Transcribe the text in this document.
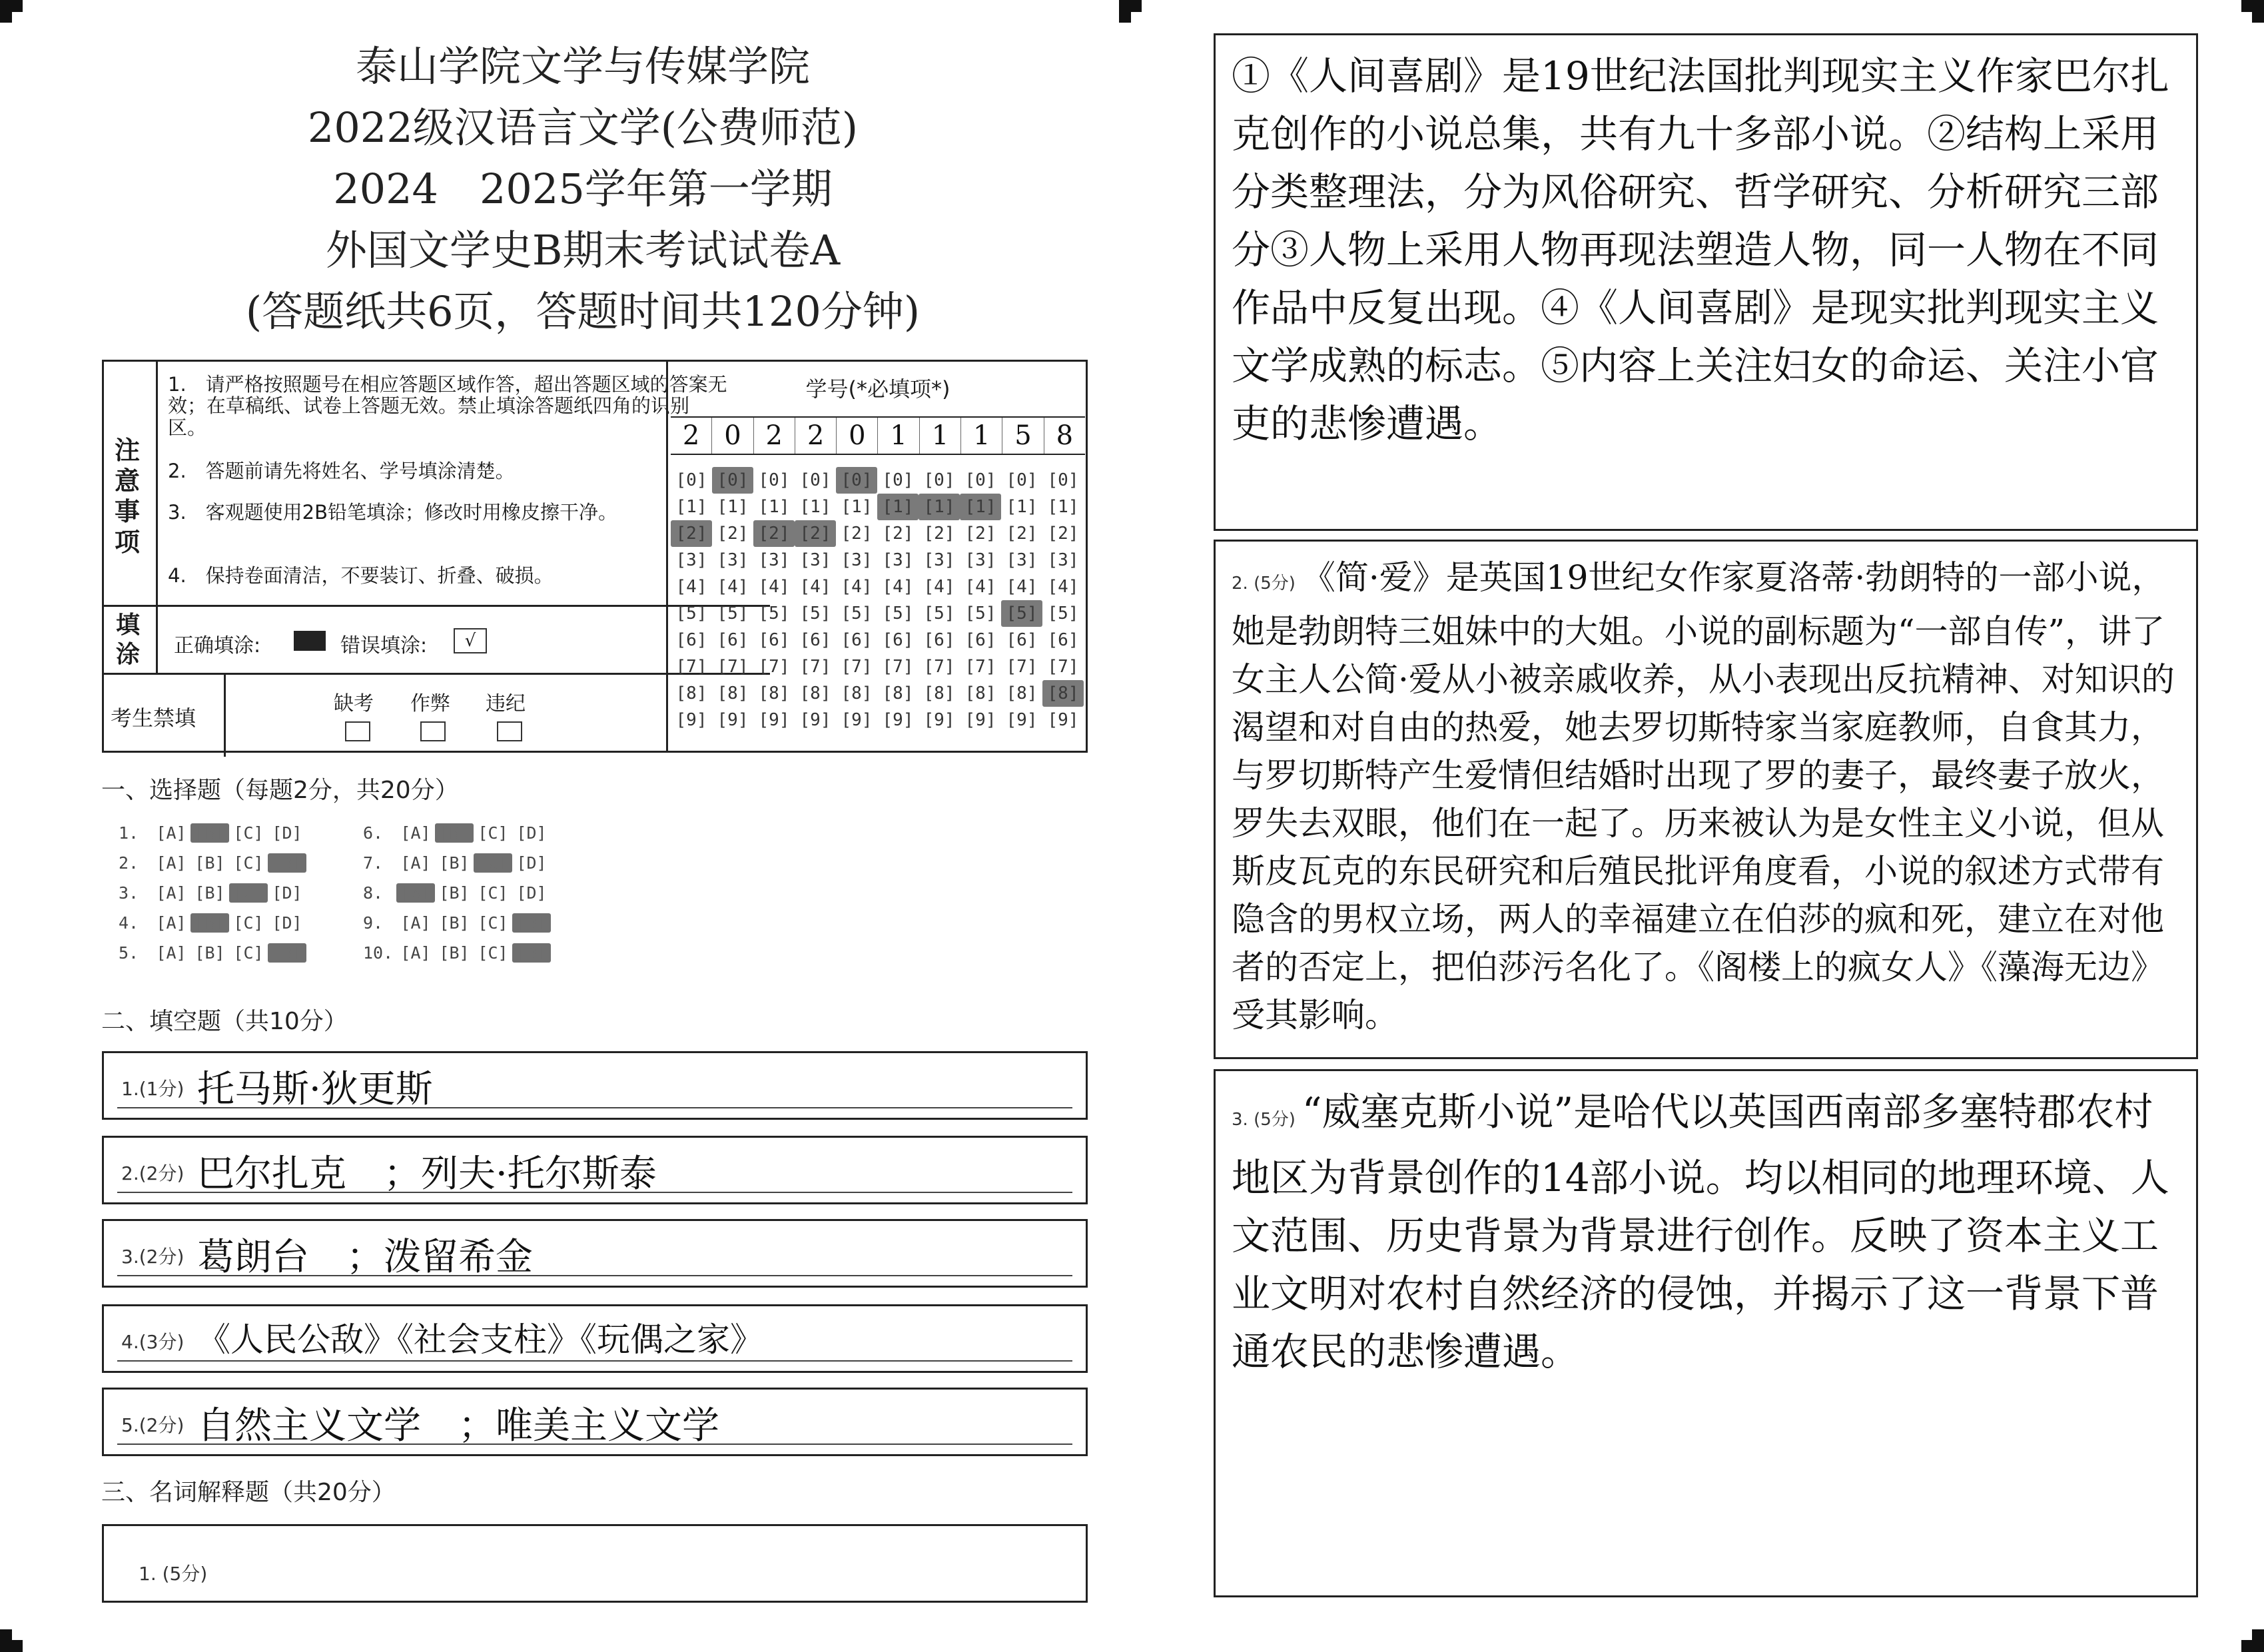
泰山学院文学与传媒学院
2022级汉语言文学(公费师范)
2024　2025学年第一学期
外国文学史B期末考试试卷A
(答题纸共6页，答题时间共120分钟)
注意事项
1.　请严格按照题号在相应答题区域作答，超出答题区域的答案无效；在草稿纸、试卷上答题无效。禁止填涂答题纸四角的识别区。
2.　答题前请先将姓名、学号填涂清楚。
3.　客观题使用2B铅笔填涂；修改时用橡皮擦干净。
4.　保持卷面清洁，不要装订、折叠、破损。
填涂 正确填涂:	错误填涂:	√
考生禁填
缺考 作弊 违纪
学号(*必填项*)
2 0 2 2 0 1 1 1 5 8
[0]
[1]
[2]
[3]
[4]
[5]
[6]
[7]
[8]
[9]
[0]
[1]
[2]
[3]
[4]
[5]
[6]
[7]
[8]
[9]
[0]
[1]
[2]
[3]
[4]
[5]
[6]
[7]
[8]
[9]
[0]
[1]
[2]
[3]
[4]
[5]
[6]
[7]
[8]
[9]
[0]
[1]
[2]
[3]
[4]
[5]
[6]
[7]
[8]
[9]
[0]
[1]
[2]
[3]
[4]
[5]
[6]
[7]
[8]
[9]
[0]
[1]
[2]
[3]
[4]
[5]
[6]
[7]
[8]
[9]
[0]
[1]
[2]
[3]
[4]
[5]
[6]
[7]
[8]
[9]
[0]
[1]
[2]
[3]
[4]
[5]
[6]
[7]
[8]
[9]
[0]
[1]
[2]
[3]
[4]
[5]
[6]
[7]
[8]
[9]
一、选择题（每题2分，共20分）
1. [A] [B] [C] [D]
2. [A] [B] [C] [D]
3. [A] [B] [C] [D]
4. [A] [B] [C] [D]
5. [A] [B] [C] [D]
6. [A] [B] [C] [D]
7. [A] [B] [C] [D]
8. [A] [B] [C] [D]
9. [A] [B] [C] [D]
10. [A] [B] [C] [D]
二、填空题（共10分）
1.(1分) 托马斯·狄更斯
2.(2分) 巴尔扎克　；列夫·托尔斯泰
3.(2分) 葛朗台　；泼留希金
4.(3分) 《人民公敌》《社会支柱》《玩偶之家》
5.(2分) 自然主义文学　；唯美主义文学
三、名词解释题（共20分）
1. (5分)
①《人间喜剧》是19世纪法国批判现实主义作家巴尔扎克创作的小说总集，共有九十多部小说。②结构上采用分类整理法，分为风俗研究、哲学研究、分析研究三部分③人物上采用人物再现法塑造人物，同一人物在不同作品中反复出现。④《人间喜剧》是现实批判现实主义文学成熟的标志。⑤内容上关注妇女的命运、关注小官吏的悲惨遭遇。
2. (5分) 《简·爱》是英国19世纪女作家夏洛蒂·勃朗特的一部小说，她是勃朗特三姐妹中的大姐。小说的副标题为“一部自传”，讲了女主人公简·爱从小被亲戚收养，从小表现出反抗精神、对知识的渴望和对自由的热爱，她去罗切斯特家当家庭教师，自食其力，与罗切斯特产生爱情但结婚时出现了罗的妻子，最终妻子放火，罗失去双眼，他们在一起了。历来被认为是女性主义小说，但从斯皮瓦克的东民研究和后殖民批评角度看，小说的叙述方式带有隐含的男权立场，两人的幸福建立在伯莎的疯和死，建立在对他者的否定上，把伯莎污名化了。《阁楼上的疯女人》《藻海无边》受其影响。
3. (5分) “威塞克斯小说”是哈代以英国西南部多塞特郡农村地区为背景创作的14部小说。均以相同的地理环境、人文范围、历史背景为背景进行创作。反映了资本主义工业文明对农村自然经济的侵蚀，并揭示了这一背景下普通农民的悲惨遭遇。
